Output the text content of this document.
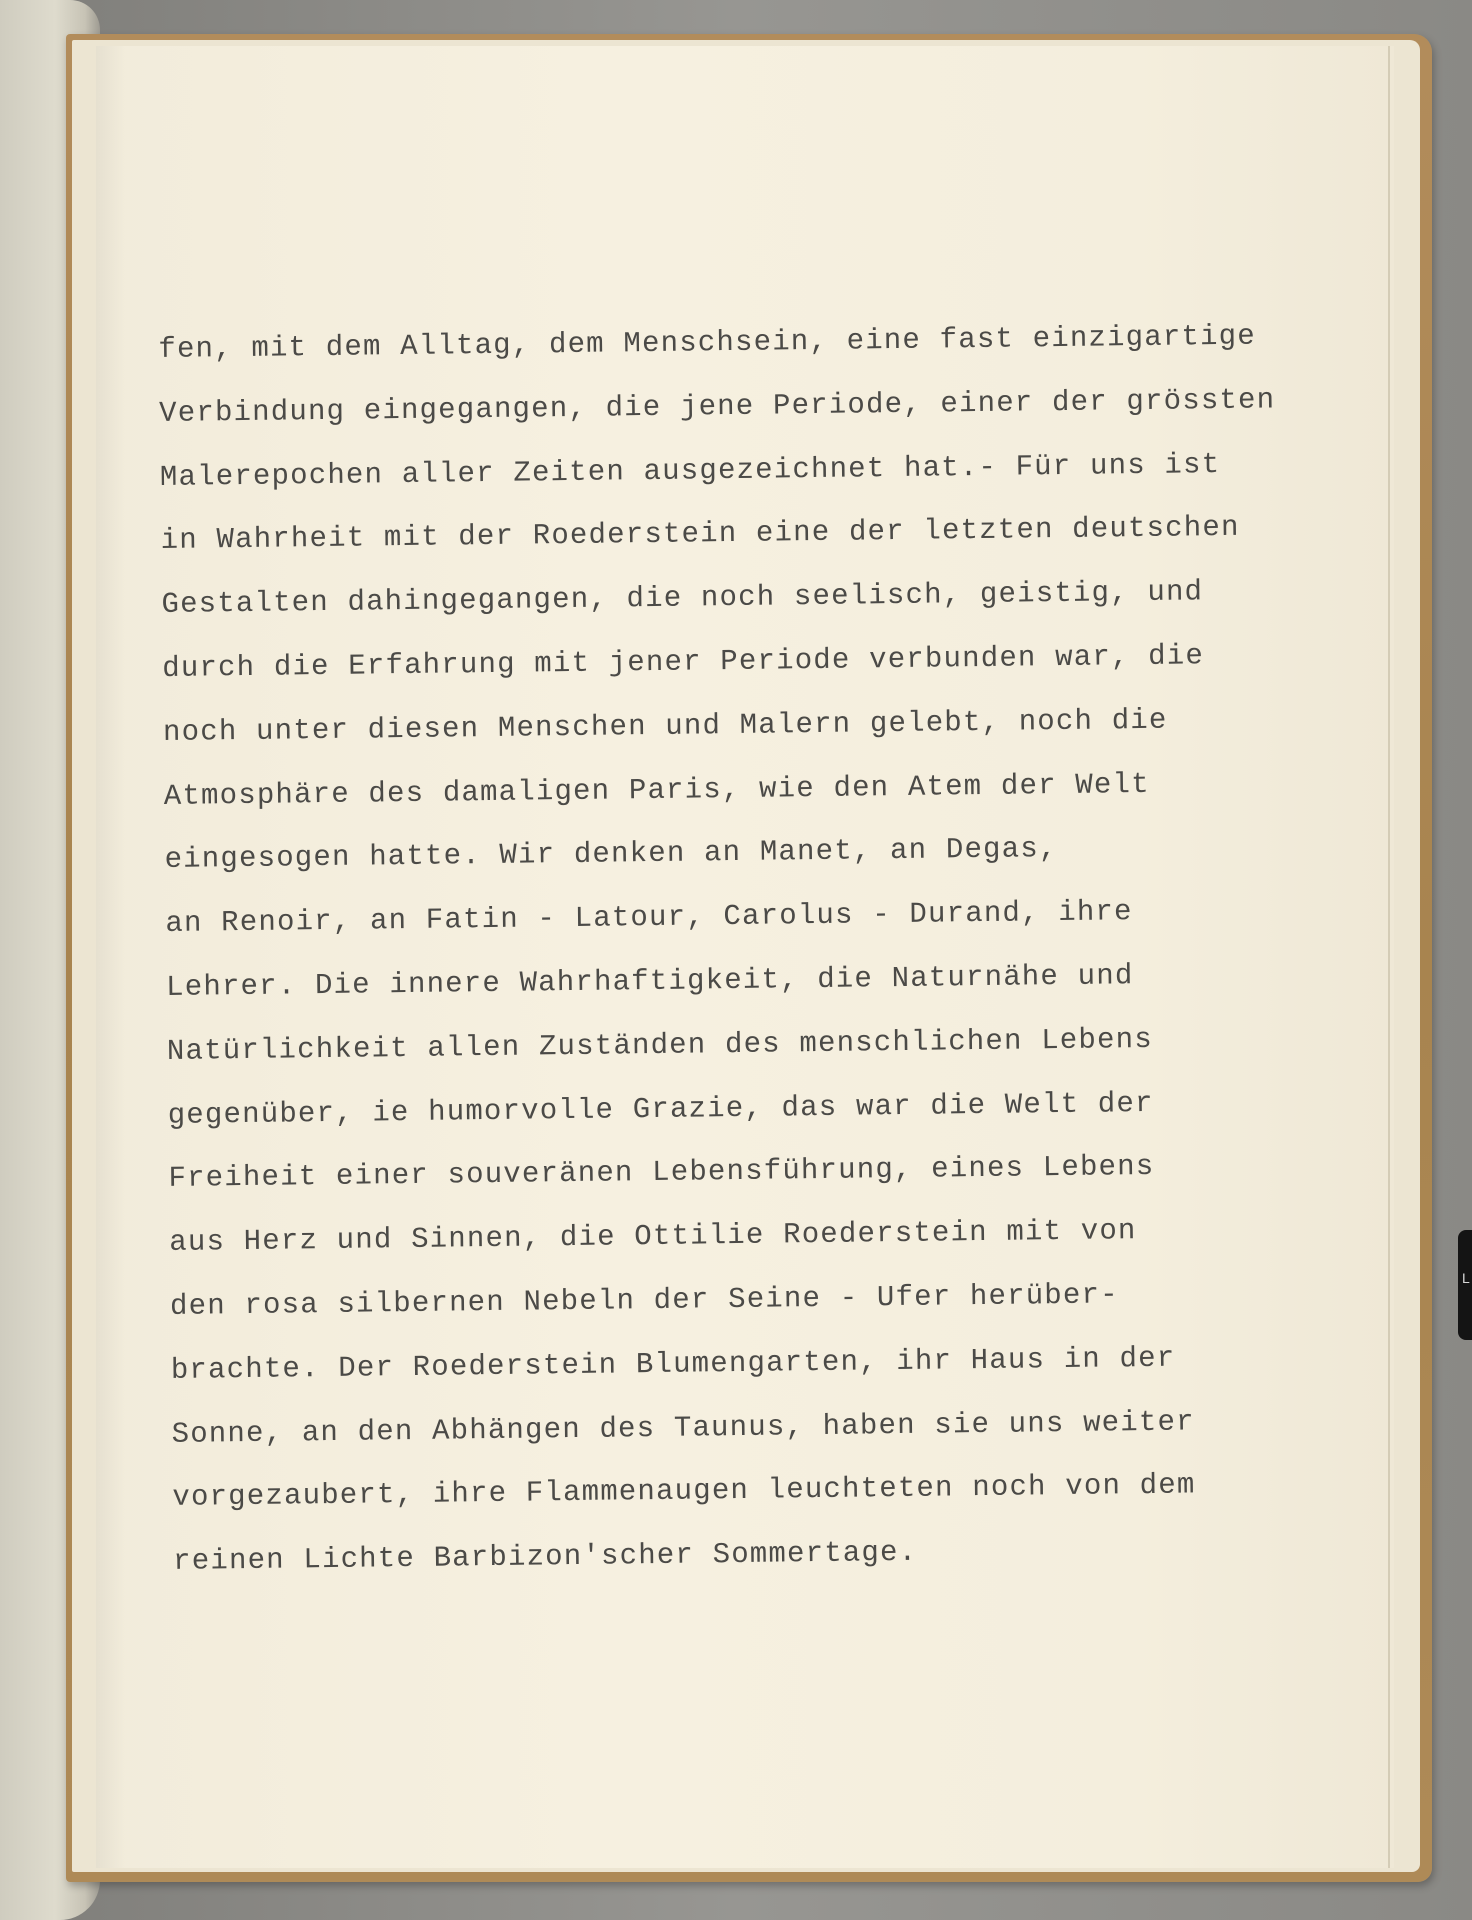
fen, mit dem Alltag, dem Menschsein, eine fast einzigartige
Verbindung eingegangen, die jene Periode, einer der grössten
Malerepochen aller Zeiten ausgezeichnet hat.- Für uns ist
in Wahrheit mit der Roederstein eine der letzten deutschen
Gestalten dahingegangen, die noch seelisch, geistig, und
durch die Erfahrung mit jener Periode verbunden war, die
noch unter diesen Menschen und Malern gelebt, noch die
Atmosphäre des damaligen Paris, wie den Atem der Welt
eingesogen hatte. Wir denken an Manet, an Degas,
an Renoir, an Fatin - Latour, Carolus - Durand, ihre
Lehrer. Die innere Wahrhaftigkeit, die Naturnähe und
Natürlichkeit allen Zuständen des menschlichen Lebens
gegenüber, ie humorvolle Grazie, das war die Welt der
Freiheit einer souveränen Lebensführung, eines Lebens
aus Herz und Sinnen, die Ottilie Roederstein mit von
den rosa silbernen Nebeln der Seine - Ufer herüber-
brachte. Der Roederstein Blumengarten, ihr Haus in der
Sonne, an den Abhängen des Taunus, haben sie uns weiter
vorgezaubert, ihre Flammenaugen leuchteten noch von dem
reinen Lichte Barbizon'scher Sommertage.
L
